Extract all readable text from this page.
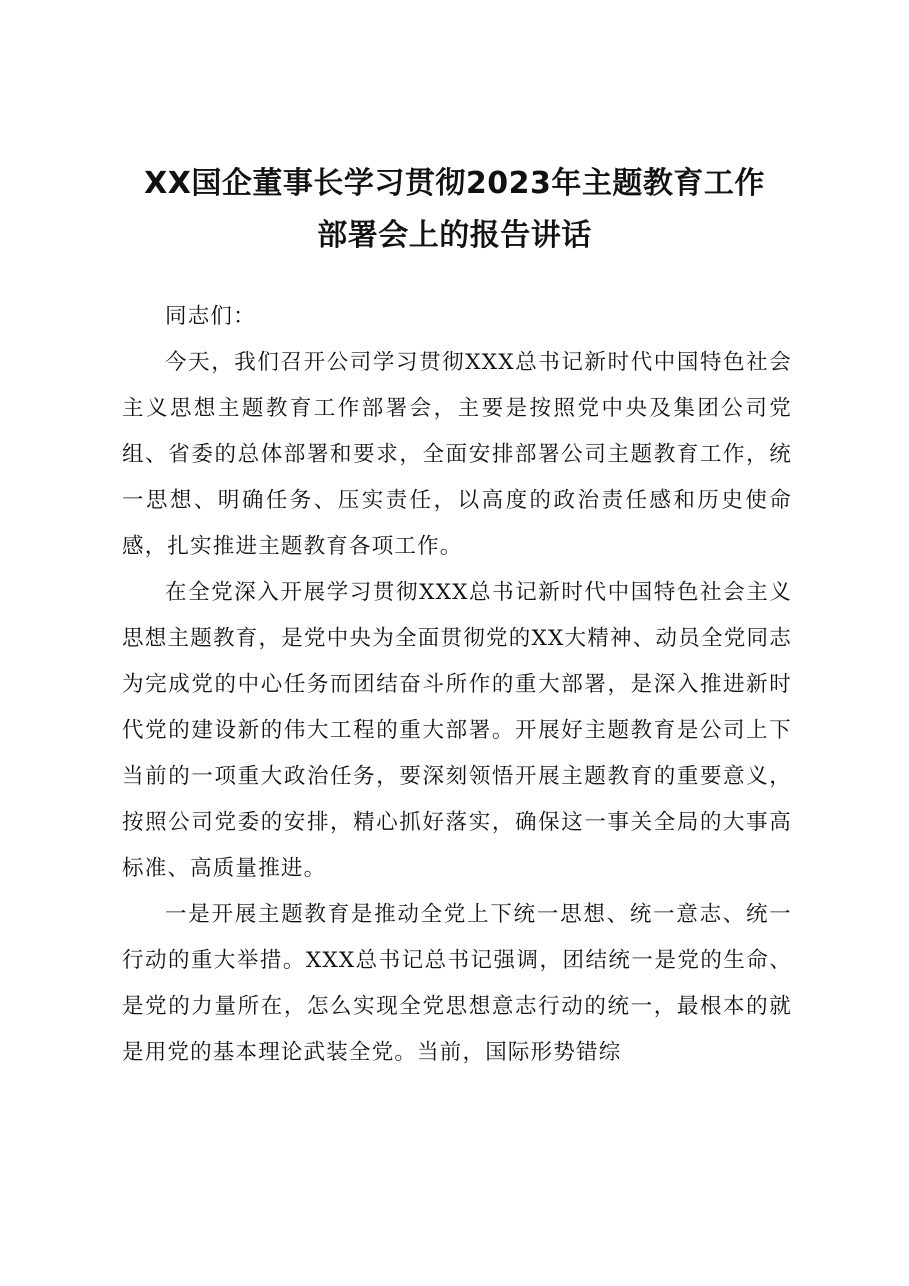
XX国企董事长学习贯彻2023年主题教育工作
部署会上的报告讲话

同志们：

今天，我们召开公司学习贯彻XXX总书记新时代中国特色社会主义思想主题教育工作部署会，主要是按照党中央及集团公司党组、省委的总体部署和要求，全面安排部署公司主题教育工作，统一思想、明确任务、压实责任，以高度的政治责任感和历史使命感，扎实推进主题教育各项工作。

在全党深入开展学习贯彻XXX总书记新时代中国特色社会主义思想主题教育，是党中央为全面贯彻党的XX大精神、动员全党同志为完成党的中心任务而团结奋斗所作的重大部署，是深入推进新时代党的建设新的伟大工程的重大部署。开展好主题教育是公司上下当前的一项重大政治任务，要深刻领悟开展主题教育的重要意义，按照公司党委的安排，精心抓好落实，确保这一事关全局的大事高标准、高质量推进。

一是开展主题教育是推动全党上下统一思想、统一意志、统一行动的重大举措。XXX总书记总书记强调，团结统一是党的生命、是党的力量所在，怎么实现全党思想意志行动的统一，最根本的就是用党的基本理论武装全党。当前，国际形势错综
